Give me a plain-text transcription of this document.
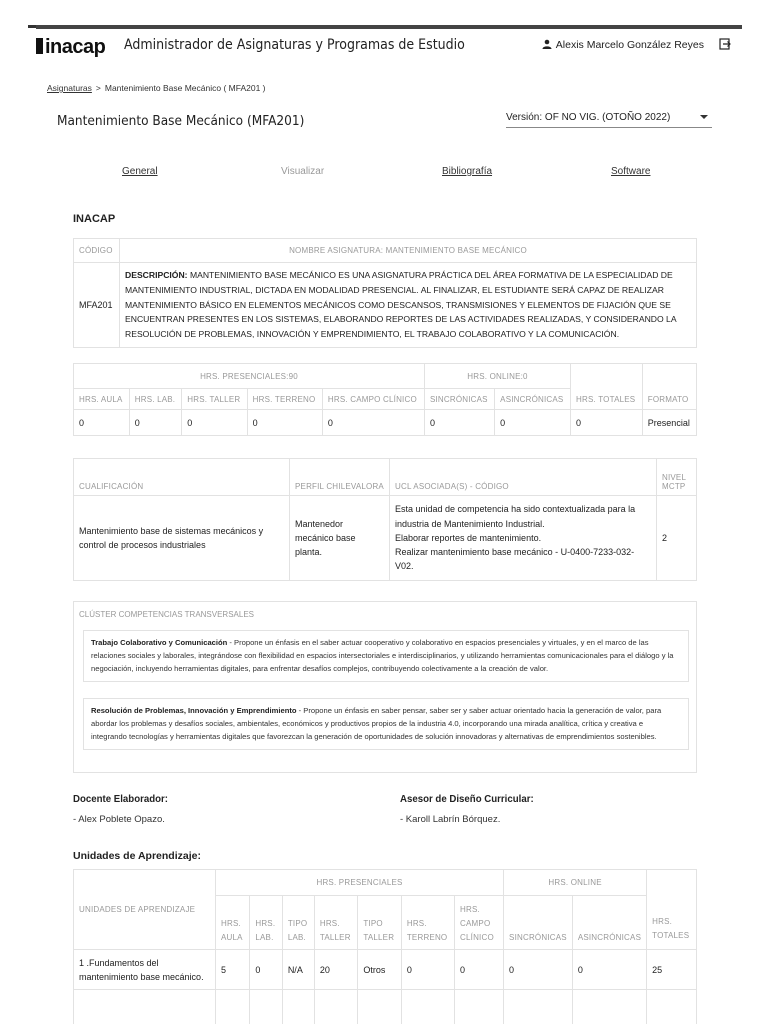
inacap Administrador de Asignaturas y Programas de Estudio	Alexis Marcelo González Reyes
Asignaturas > Mantenimiento Base Mecánico ( MFA201 )
Mantenimiento Base Mecánico (MFA201)	Versión: OF NO VIG. (OTOÑO 2022)
General	Visualizar	Bibliografía	Software
INACAP
CÓDIGO	NOMBRE ASIGNATURA: MANTENIMIENTO BASE MECÁNICO
MFA201	DESCRIPCIÓN: MANTENIMIENTO BASE MECÁNICO ES UNA ASIGNATURA PRÁCTICA DEL ÁREA FORMATIVA DE LA ESPECIALIDAD DE MANTENIMIENTO INDUSTRIAL, DICTADA EN MODALIDAD PRESENCIAL. AL FINALIZAR, EL ESTUDIANTE SERÁ CAPAZ DE REALIZAR MANTENIMIENTO BÁSICO EN ELEMENTOS MECÁNICOS COMO DESCANSOS, TRANSMISIONES Y ELEMENTOS DE FIJACIÓN QUE SE ENCUENTRAN PRESENTES EN LOS SISTEMAS, ELABORANDO REPORTES DE LAS ACTIVIDADES REALIZADAS, Y CONSIDERANDO LA RESOLUCIÓN DE PROBLEMAS, INNOVACIÓN Y EMPRENDIMIENTO, EL TRABAJO COLABORATIVO Y LA COMUNICACIÓN.
HRS. PRESENCIALES:90					HRS. ONLINE:0		HRS. TOTALES	FORMATO
HRS. AULA	HRS. LAB.	HRS. TALLER	HRS. TERRENO	HRS. CAMPO CLÍNICO	SINCRÓNICAS	ASINCRÓNICAS		
0	0	0	0	0	0	0	0	Presencial
CUALIFICACIÓN	PERFIL CHILEVALORA	UCL ASOCIADA(S) - CÓDIGO	NIVEL MCTP
Mantenimiento base de sistemas mecánicos y control de procesos industriales	Mantenedor mecánico base planta.	Esta unidad de competencia ha sido contextualizada para la industria de Mantenimiento Industrial.
Elaborar reportes de mantenimiento.
Realizar mantenimiento base mecánico - U-0400-7233-032-V02.	2
CLÚSTER COMPETENCIAS TRANSVERSALES
Trabajo Colaborativo y Comunicación - Propone un énfasis en el saber actuar cooperativo y colaborativo en espacios presenciales y virtuales, y en el marco de las relaciones sociales y laborales, integrándose con flexibilidad en espacios intersectoriales e interdisciplinarios, y utilizando herramientas comunicacionales para el diálogo y la negociación, incluyendo herramientas digitales, para enfrentar desafíos complejos, contribuyendo colectivamente a la creación de valor.
Resolución de Problemas, Innovación y Emprendimiento - Propone un énfasis en saber pensar, saber ser y saber actuar orientado hacia la generación de valor, para abordar los problemas y desafíos sociales, ambientales, económicos y productivos propios de la industria 4.0, incorporando una mirada analítica, crítica y creativa e integrando tecnologías y herramientas digitales que favorezcan la generación de oportunidades de solución innovadoras y alternativas de emprendimientos sostenibles.
Docente Elaborador:
- Alex Poblete Opazo.
Asesor de Diseño Curricular:
- Karoll Labrín Bórquez.
Unidades de Aprendizaje:
UNIDADES DE APRENDIZAJE	HRS. PRESENCIALES							HRS. ONLINE		HRS. TOTALES
	HRS. AULA	HRS. LAB.	TIPO LAB.	HRS. TALLER	TIPO TALLER	HRS. TERRENO	HRS. CAMPO CLÍNICO	SINCRÓNICAS	ASINCRÓNICAS	
1 .Fundamentos del mantenimiento base mecánico.	5	0	N/A	20	Otros	0	0	0	0	25
